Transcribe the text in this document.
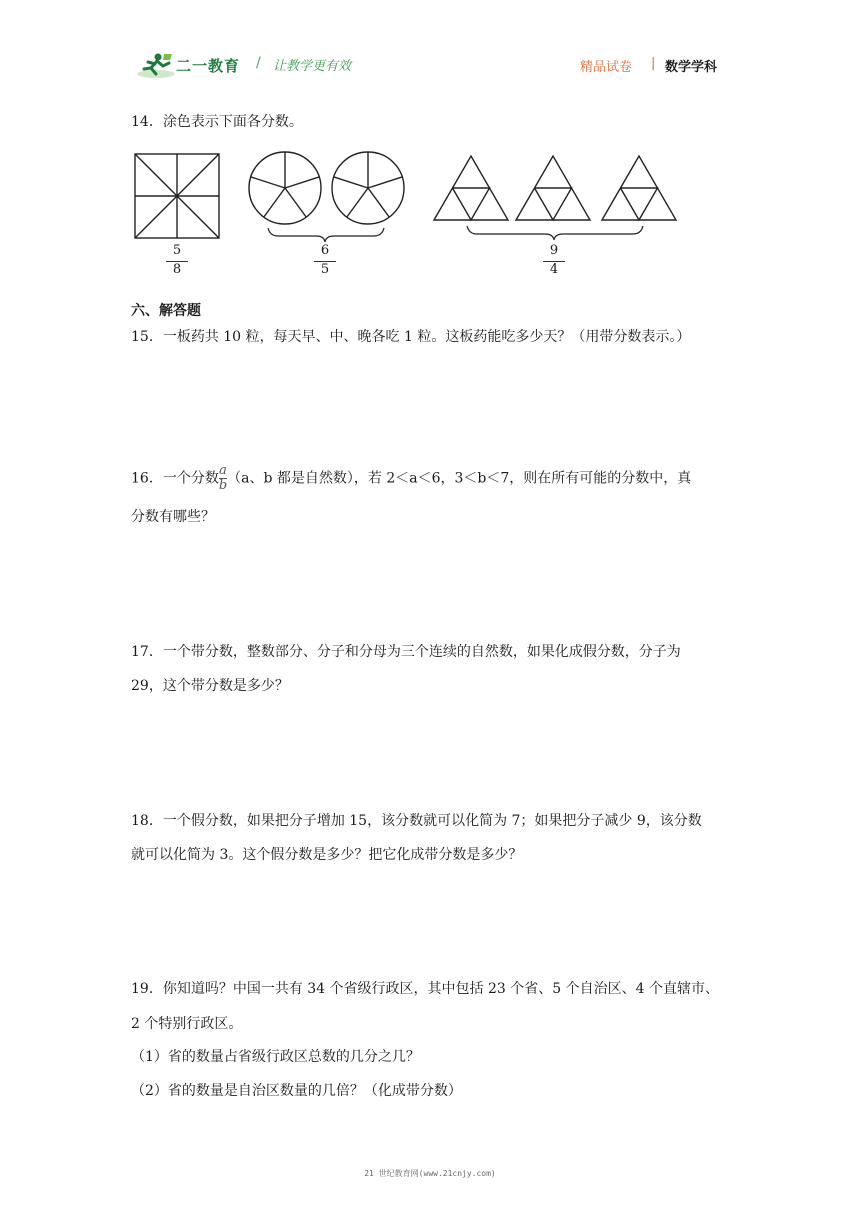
二一教育 / 让教学更有效	精品试卷 | 数学学科
14．涂色表示下面各分数。
5
8
6
5
9
4
六、解答题
15．一板药共 10 粒，每天早、中、晚各吃 1 粒。这板药能吃多少天？（用带分数表示。）
16．一个分数$\frac{a}{b}(a$、b 都是自然数），若 2＜a＜6，3＜b＜7，则在所有可能的分数中，真
分数有哪些？
17．一个带分数，整数部分、分子和分母为三个连续的自然数，如果化成假分数，分子为
29，这个带分数是多少？
18．一个假分数，如果把分子增加 15，该分数就可以化简为 7；如果把分子减少 9，该分数
就可以化简为 3。这个假分数是多少？把它化成带分数是多少？
19．你知道吗？中国一共有 34 个省级行政区，其中包括 23 个省、5 个自治区、4 个直辖市、
2 个特别行政区。
（1）省的数量占省级行政区总数的几分之几？
（2）省的数量是自治区数量的几倍？（化成带分数）
21 世纪教育网(www.21cnjy.com)
